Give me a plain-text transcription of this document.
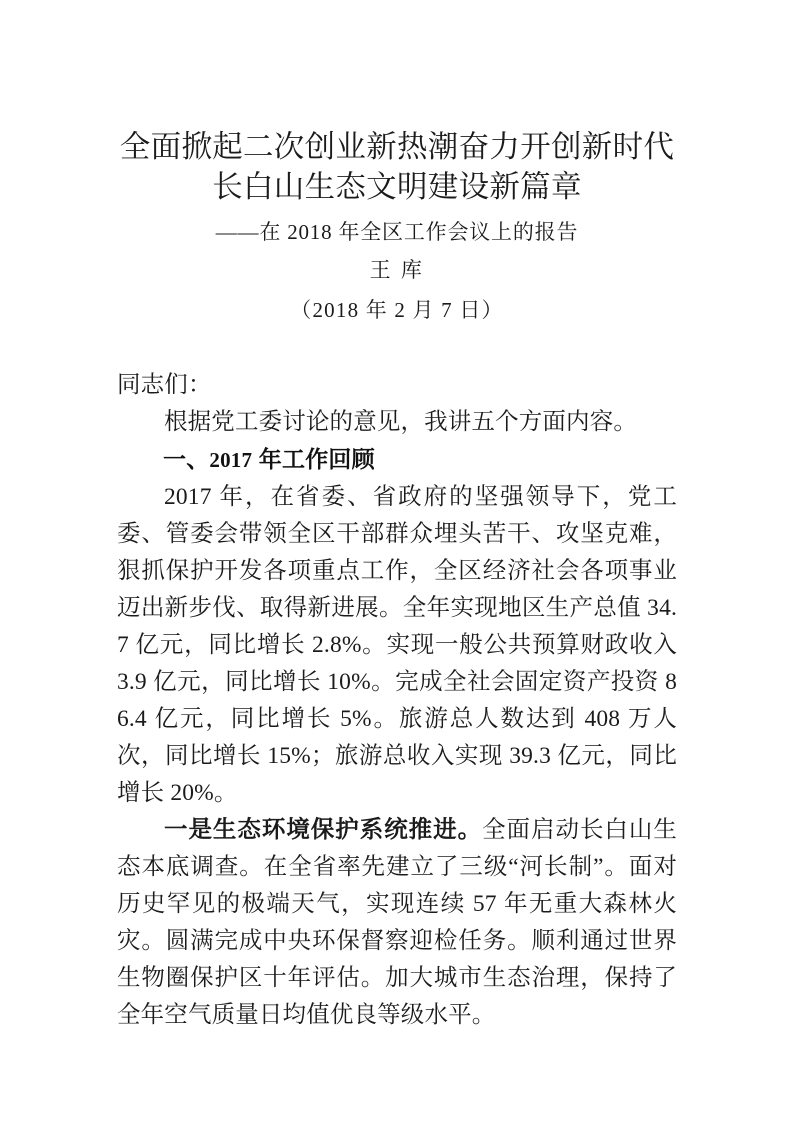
全面掀起二次创业新热潮奋力开创新时代长白山生态文明建设新篇章
——在 2018 年全区工作会议上的报告
王 库
（2018 年 2 月 7 日）

同志们：

根据党工委讨论的意见，我讲五个方面内容。

一、2017 年工作回顾

2017 年，在省委、省政府的坚强领导下，党工委、管委会带领全区干部群众埋头苦干、攻坚克难，狠抓保护开发各项重点工作，全区经济社会各项事业迈出新步伐、取得新进展。全年实现地区生产总值 34.7 亿元，同比增长 2.8%。实现一般公共预算财政收入 3.9 亿元，同比增长 10%。完成全社会固定资产投资 86.4 亿元，同比增长 5%。旅游总人数达到 408 万人次，同比增长 15%；旅游总收入实现 39.3 亿元，同比增长 20%。

一是生态环境保护系统推进。全面启动长白山生态本底调查。在全省率先建立了三级“河长制”。面对历史罕见的极端天气，实现连续 57 年无重大森林火灾。圆满完成中央环保督察迎检任务。顺利通过世界生物圈保护区十年评估。加大城市生态治理，保持了全年空气质量日均值优良等级水平。
